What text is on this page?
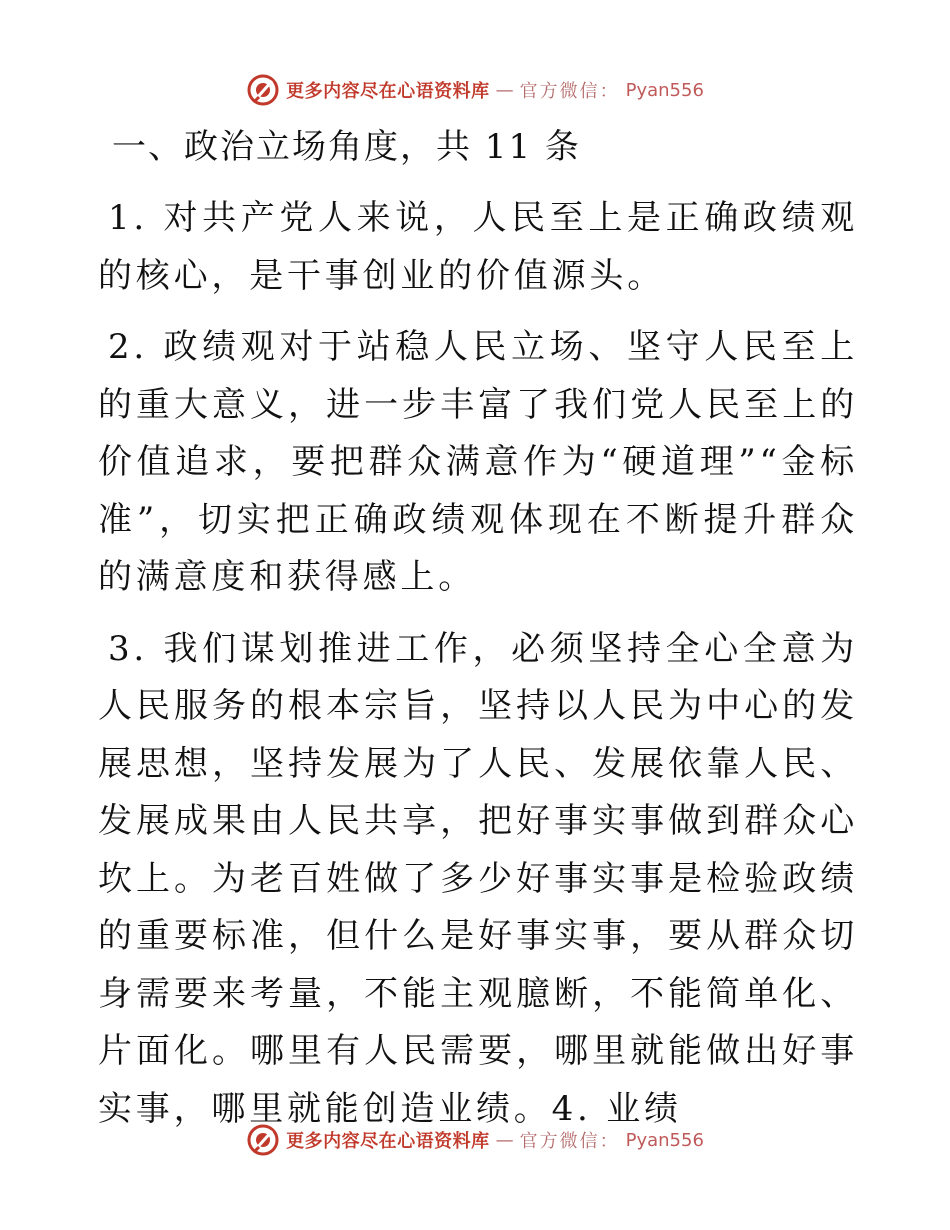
更多内容尽在心语资料库 — 官方微信： Pyan556
一、政治立场角度，共 11 条

1. 对共产党人来说，人民至上是正确政绩观的核心，是干事创业的价值源头。

2. 政绩观对于站稳人民立场、坚守人民至上的重大意义，进一步丰富了我们党人民至上的价值追求，要把群众满意作为“硬道理”“金标准”，切实把正确政绩观体现在不断提升群众的满意度和获得感上。

3. 我们谋划推进工作，必须坚持全心全意为人民服务的根本宗旨，坚持以人民为中心的发展思想，坚持发展为了人民、发展依靠人民、发展成果由人民共享，把好事实事做到群众心坎上。为老百姓做了多少好事实事是检验政绩的重要标准，但什么是好事实事，要从群众切身需要来考量，不能主观臆断，不能简单化、片面化。哪里有人民需要，哪里就能做出好事实事，哪里就能创造业绩。4. 业绩

更多内容尽在心语资料库 — 官方微信： Pyan556
